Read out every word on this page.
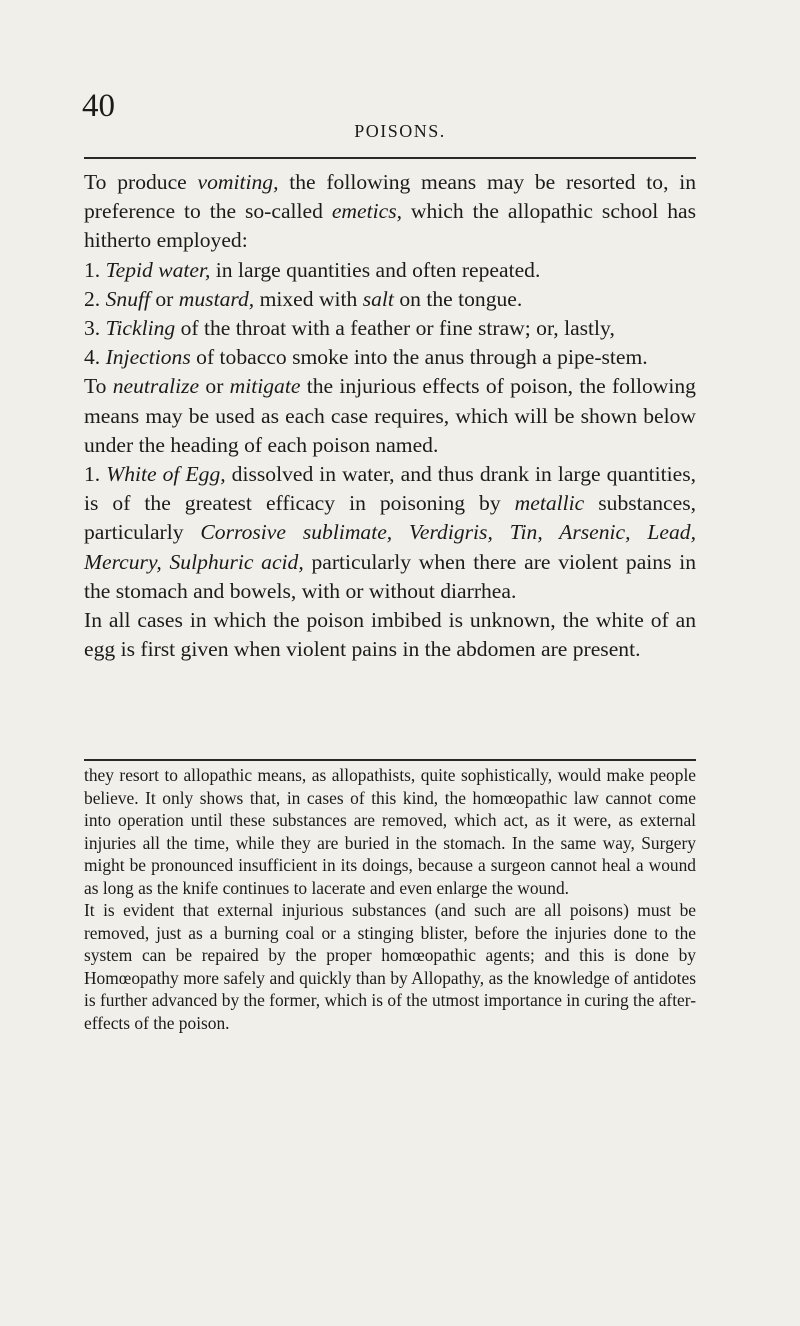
40
POISONS.

To produce vomiting, the following means may be resorted to, in preference to the so-called emetics, which the allopathic school has hitherto employed:

1. Tepid water, in large quantities and often repeated.

2. Snuff or mustard, mixed with salt on the tongue.

3. Tickling of the throat with a feather or fine straw; or, lastly,

4. Injections of tobacco smoke into the anus through a pipe-stem.

To neutralize or mitigate the injurious effects of poison, the following means may be used as each case requires, which will be shown below under the heading of each poison named.

1. White of Egg, dissolved in water, and thus drank in large quantities, is of the greatest efficacy in poisoning by metallic substances, particularly Corrosive sublimate, Verdigris, Tin, Arsenic, Lead, Mercury, Sulphuric acid, particularly when there are violent pains in the stomach and bowels, with or without diarrhea.

In all cases in which the poison imbibed is unknown, the white of an egg is first given when violent pains in the abdomen are present.

they resort to allopathic means, as allopathists, quite sophistically, would make people believe. It only shows that, in cases of this kind, the homœopathic law cannot come into operation until these substances are removed, which act, as it were, as external injuries all the time, while they are buried in the stomach. In the same way, Surgery might be pronounced insufficient in its doings, because a surgeon cannot heal a wound as long as the knife continues to lacerate and even enlarge the wound.

It is evident that external injurious substances (and such are all poisons) must be removed, just as a burning coal or a stinging blister, before the injuries done to the system can be repaired by the proper homœopathic agents; and this is done by Homœopathy more safely and quickly than by Allopathy, as the knowledge of antidotes is further advanced by the former, which is of the utmost importance in curing the after-effects of the poison.
